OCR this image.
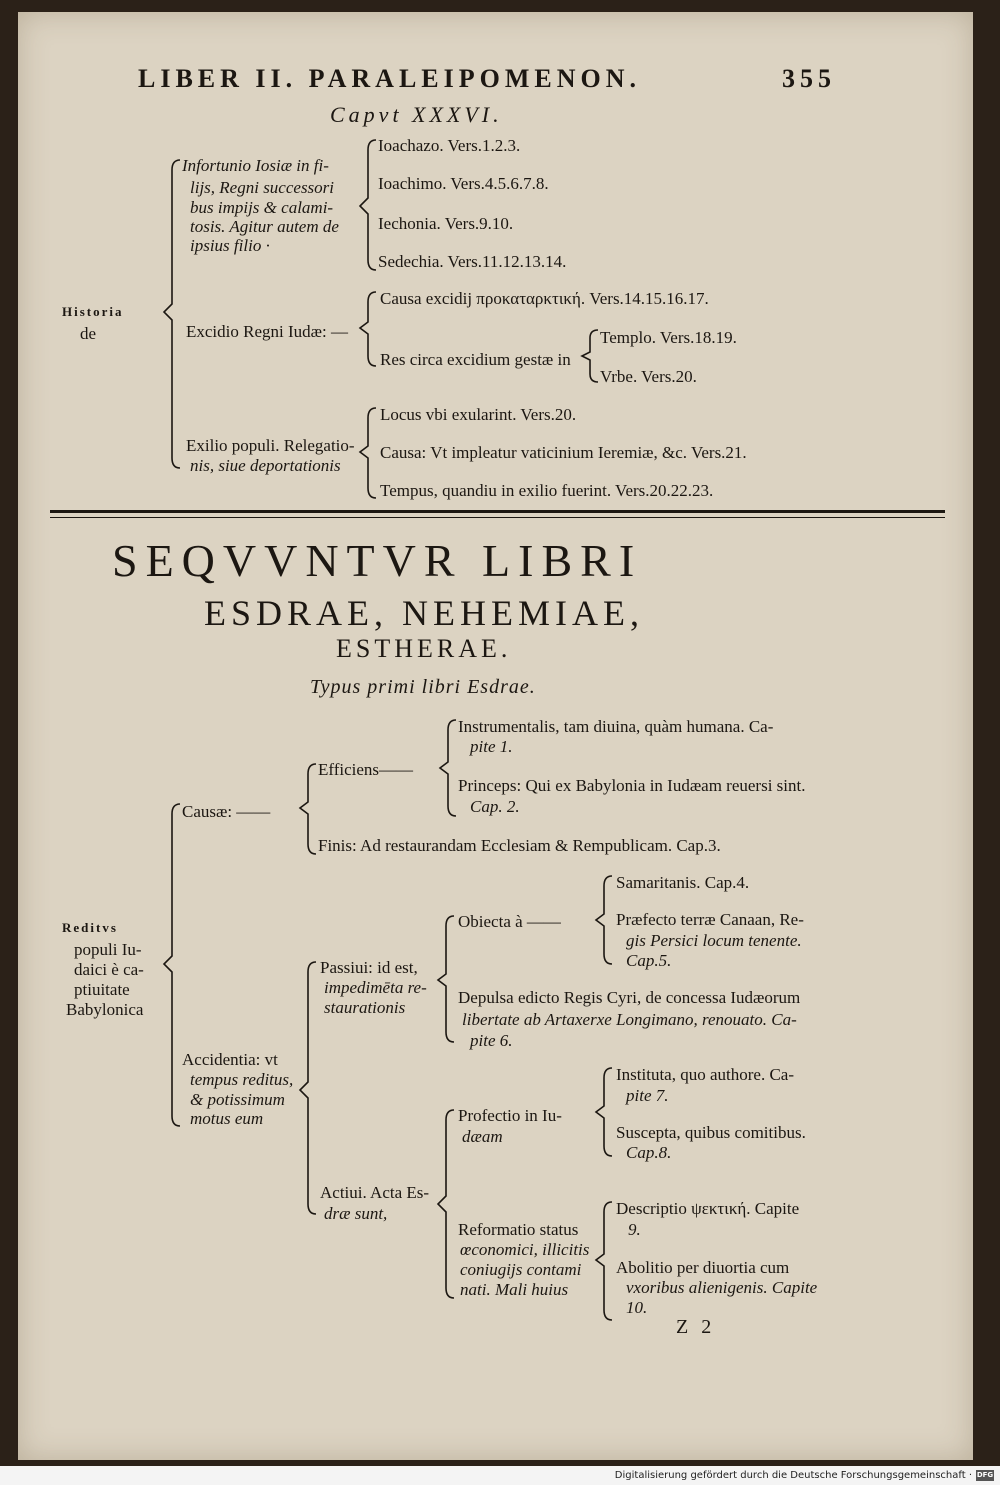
LIBER II. PARALEIPOMENON.	355
Capvt XXXVI.
Historia
de
Infortunio Iosiæ in fi-
lijs, Regni successori
bus impijs & calami-
tosis. Agitur autem de
ipsius filio ·
Ioachazo. Vers.1.2.3.
Ioachimo. Vers.4.5.6.7.8.
Iechonia. Vers.9.10.
Sedechia. Vers.11.12.13.14.
Excidio Regni Iudæ: —
Causa excidij προκαταρκτική. Vers.14.15.16.17.
Res circa excidium gestæ in
Templo. Vers.18.19.
Vrbe. Vers.20.
Exilio populi. Relegatio-
nis, siue deportationis
Locus vbi exularint. Vers.20.
Causa: Vt impleatur vaticinium Ieremiæ, &c. Vers.21.
Tempus, quandiu in exilio fuerint. Vers.20.22.23.
SEQVVNTVR LIBRI
ESDRAE, NEHEMIAE,
ESTHERAE.
Typus primi libri Esdrae.
Reditvs
populi Iu-
daici è ca-
ptiuitate
Babylonica
Causæ: ——
Efficiens——
Instrumentalis, tam diuina, quàm humana. Ca-
pite 1.
Princeps: Qui ex Babylonia in Iudæam reuersi sint.
Cap. 2.
Finis: Ad restaurandam Ecclesiam & Rempublicam. Cap.3.
Accidentia: vt
tempus reditus,
& potissimum
motus eum
Passiui: id est,
impedimēta re-
staurationis
Obiecta à ——
Samaritanis. Cap.4.
Præfecto terræ Canaan, Re-
gis Persici locum tenente.
Cap.5.
Depulsa edicto Regis Cyri, de concessa Iudæorum
libertate ab Artaxerxe Longimano, renouato. Ca-
pite 6.
Actiui. Acta Es-
dræ sunt,
Profectio in Iu-
dæam
Instituta, quo authore. Ca-
pite 7.
Suscepta, quibus comitibus.
Cap.8.
Reformatio status
œconomici, illicitis
coniugijs contami
nati. Mali huius
Descriptio ψεκτική. Capite
9.
Abolitio per diuortia cum
vxoribus alienigenis. Capite
10.
Z 2
Digitalisierung gefördert durch die Deutsche Forschungsgemeinschaft · DFG
